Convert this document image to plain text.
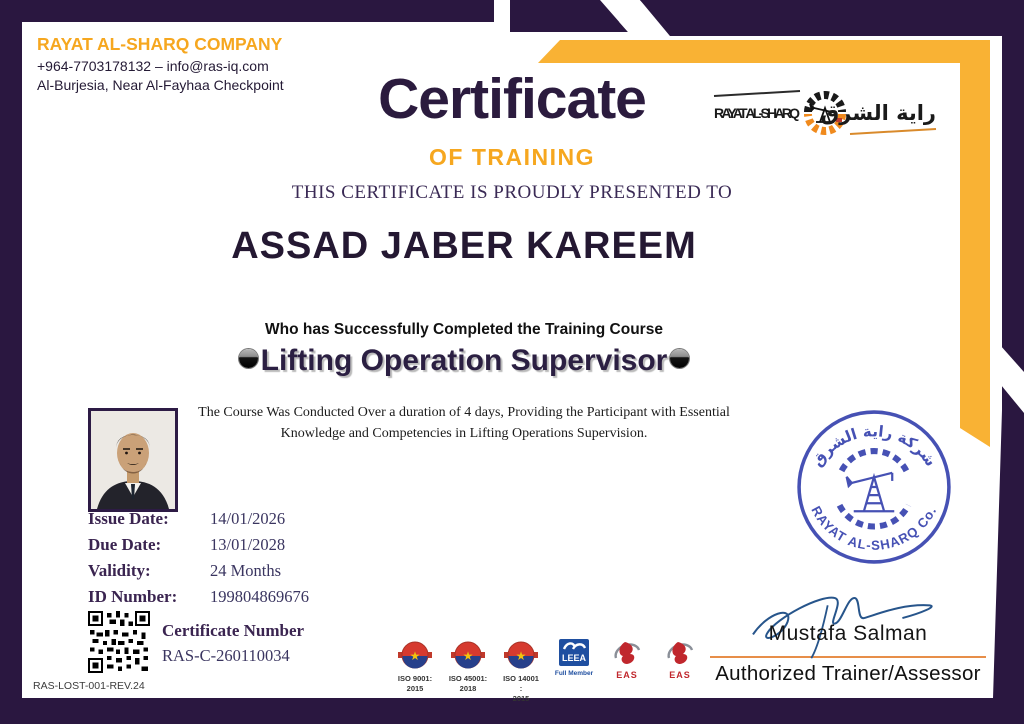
RAYAT AL-SHARQ COMPANY
+964-7703178132 – info@ras-iq.com
Al-Burjesia, Near Al-Fayhaa Checkpoint	Certificate
OF TRAINING
THIS CERTIFICATE IS PROUDLY PRESENTED TO
RAYAT AL-SHARQ راية الشرق
ASSAD JABER KAREEM
Who has Successfully Completed the Training Course
Lifting Operation Supervisor
The Course Was Conducted Over a duration of 4 days, Providing the Participant with Essential
Knowledge and Competencies in Lifting Operations Supervision.
Issue Date:	14/01/2026
Due Date:	13/01/2028
Validity:	24 Months
ID Number:	199804869676
Certificate Number
RAS-C-260110034
RAS-LOST-001-REV.24
★
ISO 9001:
2015
★
ISO 45001:
2018
★
ISO 14001 :
2015
LEEA
Full Member	EAS	EAS
شركة راية الشرق
RAYAT AL-SHARQ Co.
Mustafa Salman
Authorized Trainer/Assessor
